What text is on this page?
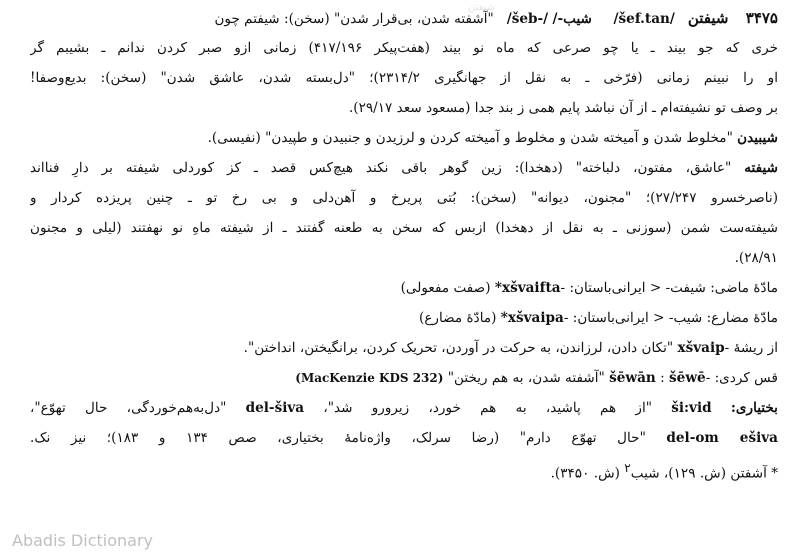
شیفتن
۳۴۷۵    شیفتن   /šef.tan/     شیب-/ /šeb-/   "آشفته شدن، بی‌قرار شدن" (سخن): شیفتم چون
خری که جو بیند ـ یا چو صرعی که ماه نو بیند (هفت‌پیکر ۴۱۷/۱۹۶) زمانی ازو صبر کردن ندانم ـ بشیبم گر
او را نبینم زمانی (فرّخی ـ به نقل از جهانگیری ۲۳۱۴/۲)؛ "دل‌بسته شدن، عاشق شدن" (سخن): بدیع‌وصفا!
بر وصف تو نشیفته‌ام ـ از آن نباشد پایم همی ز بند جدا (مسعود سعد ۲۹/۱۷).
شیبیدن "مخلوط شدن و آمیخته شدن و مخلوط و آمیخته کردن و لرزیدن و جنبیدن و طپیدن" (نفیسی).
شیفته "عاشق، مفتون، دلباخته" (دهخدا): زین گوهر باقی نکند هیچ‌کس قصد ـ کز کوردلی شیفته بر دارِ فنااند
(ناصرخسرو ۲۷/۲۴۷)؛ "مجنون، دیوانه" (سخن): بُتی پریرخ و آهن‌دلی و بی رخ تو ـ چنین پریزده کردار و
شیفته‌ست شمن (سوزنی ـ به نقل از دهخدا) ازبس که سخن به طعنه گفتند ـ از شیفته ماهِ نو نهفتند (لیلی و مجنون
۲۸/۹۱).
مادّهٔ ماضی: شیفت- < ایرانی‌باستان: -*xšvaifta (صفت مفعولی)
مادّهٔ مضارع: شیب- < ایرانی‌باستان: -*xšvaipa (مادّهٔ مضارع)
از ریشهٔ -xšvaip "تکان دادن، لرزاندن، به حرکت در آوردن، تحریک کردن، برانگیختن، انداختن".
قس کردی: -šēwē : šēwān "آشفته شدن، به هم ریختن" (MacKenzie KDS 232)
بختیاری: ši:vid "از هم پاشید، به هم خورد، زیرورو شد"، del-šiva "دل‌به‌هم‌خوردگی، حال تهوّع"،
del-om ešiva "حال تهوّع دارم" (رضا سرلک، واژه‌نامهٔ بختیاری، صص ۱۳۴ و ۱۸۳)؛ نیز نک.
* آشفتن (ش. ۱۲۹)، شیب$^۲$ (ش. ۳۴۵۰).
Abadis Dictionary
